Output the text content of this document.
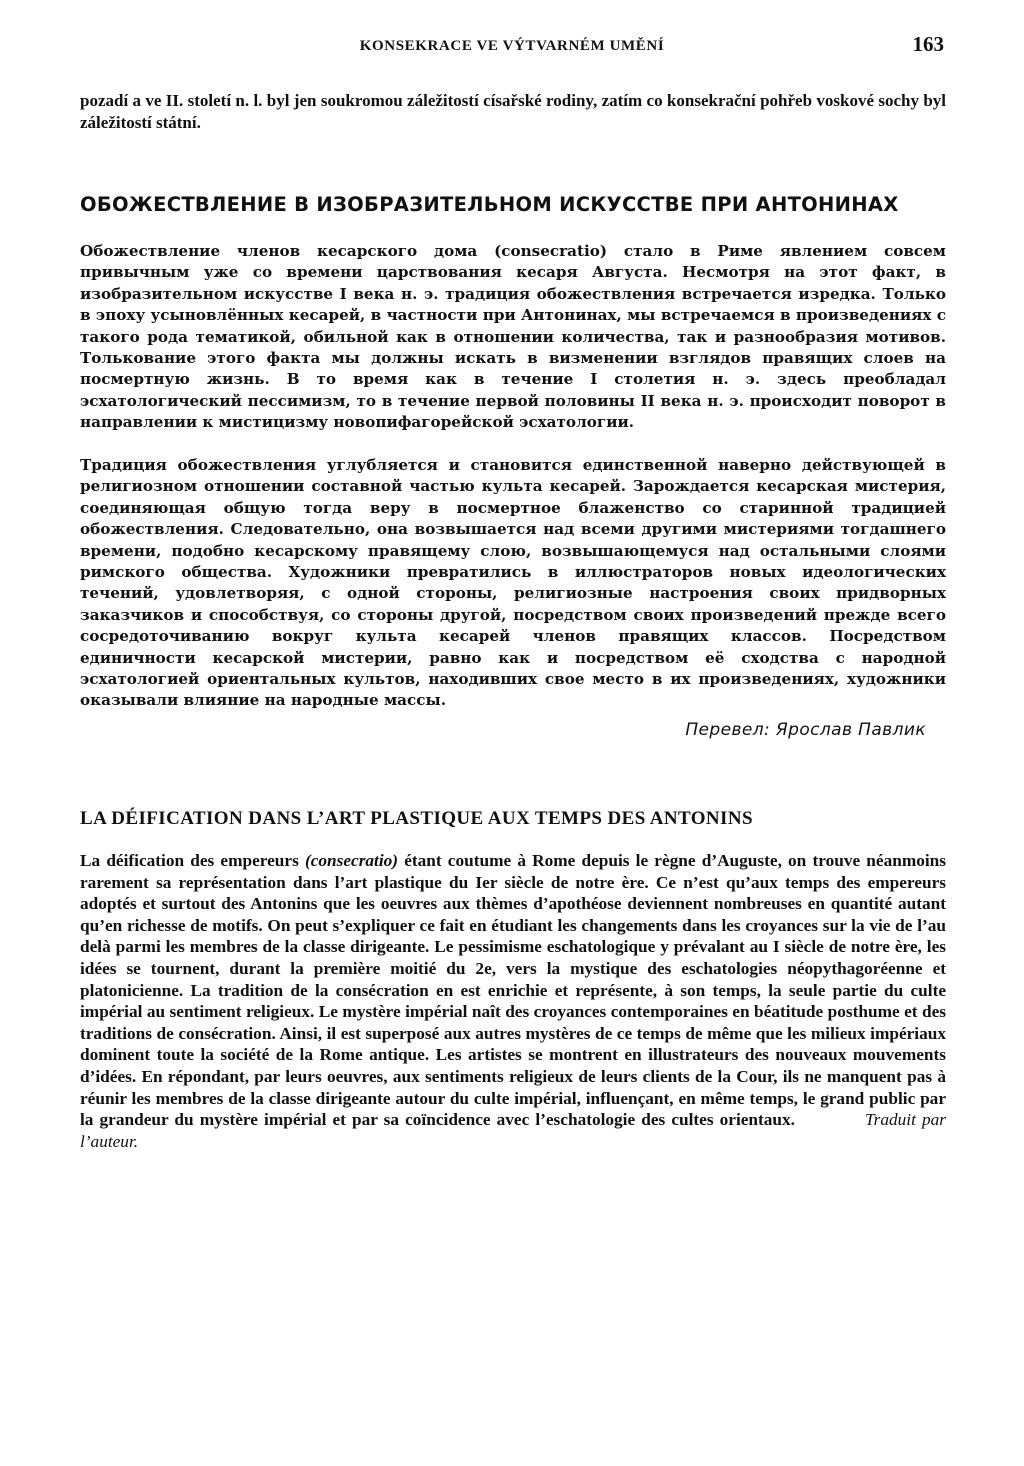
KONSEKRACE VE VÝTVARNÉM UMĚNÍ	163
pozadí a ve II. století n. l. byl jen soukromou záležitostí císařské rodiny, zatím co konsekrační pohřeb voskové sochy byl záležitostí státní.
ОБОЖЕСТВЛЕНИЕ В ИЗОБРАЗИТЕЛЬНОМ ИСКУССТВЕ ПРИ АНТОНИНАХ

Обожествление членов кесарского дома (consecratio) стало в Риме явлением совсем привычным уже со времени царствования кесаря Августа. Несмотря на этот факт, в изобразительном искусстве I века н. э. традиция обожествления встречается изредка. Только в эпоху усыновлённых кесарей, в частности при Антонинах, мы встречаемся в произведениях с такого рода тематикой, обильной как в отношении количества, так и разнообразия мотивов. Толькование этого факта мы должны искать в визменении взглядов правящих слоев на посмертную жизнь. В то время как в течение I столетия н. э. здесь преобладал эсхатологический пессимизм, то в течение первой половины II века н. э. происходит поворот в направлении к мистицизму новопифагорейской эсхатологии.

Традиция обожествления углубляется и становится единственной наверно действующей в религиозном отношении составной частью культа кесарей. Зарождается кесарская мистерия, соединяющая общую тогда веру в посмертное блаженство со старинной традицией обожествления. Следовательно, она возвышается над всеми другими мистериями тогдашнего времени, подобно кесарскому правящему слою, возвышающемуся над остальными слоями римского общества. Художники превратились в иллюстраторов новых идеологических течений, удовлетворяя, с одной стороны, религиозные настроения своих придворных заказчиков и способствуя, со стороны другой, посредством своих произведений прежде всего сосредоточиванию вокруг культа кесарей членов правящих классов. Посредством единичности кесарской мистерии, равно как и посредством её сходства с народной эсхатологией ориентальных культов, находивших свое место в их произведениях, художники оказывали влияние на народные массы.

Перевел: Ярослав Павлик
LA DÉIFICATION DANS L’ART PLASTIQUE AUX TEMPS DES ANTONINS
La déification des empereurs (consecratio) étant coutume à Rome depuis le règne d’Auguste, on trouve néanmoins rarement sa représentation dans l’art plastique du Ier siècle de notre ère. Ce n’est qu’aux temps des empereurs adoptés et surtout des Antonins que les oeuvres aux thèmes d’apothéose deviennent nombreuses en quantité autant qu’en richesse de motifs. On peut s’expliquer ce fait en étudiant les changements dans les croyances sur la vie de l’au delà parmi les membres de la classe dirigeante. Le pessimisme eschatologique y prévalant au I siècle de notre ère, les idées se tournent, durant la première moitié du 2e, vers la mystique des eschatologies néopythagoréenne et platonicienne. La tradition de la consécration en est enrichie et représente, à son temps, la seule partie du culte impérial au sentiment religieux. Le mystère impérial naît des croyances contemporaines en béatitude posthume et des traditions de consécration. Ainsi, il est superposé aux autres mystères de ce temps de même que les milieux impériaux dominent toute la société de la Rome antique. Les artistes se montrent en illustrateurs des nouveaux mouvements d’idées. En répondant, par leurs oeuvres, aux sentiments religieux de leurs clients de la Cour, ils ne manquent pas à réunir les membres de la classe dirigeante autour du culte impérial, influençant, en même temps, le grand public par la grandeur du mystère impérial et par sa coïncidence avec l’eschatologie des cultes orientaux.	Traduit par l’auteur.
